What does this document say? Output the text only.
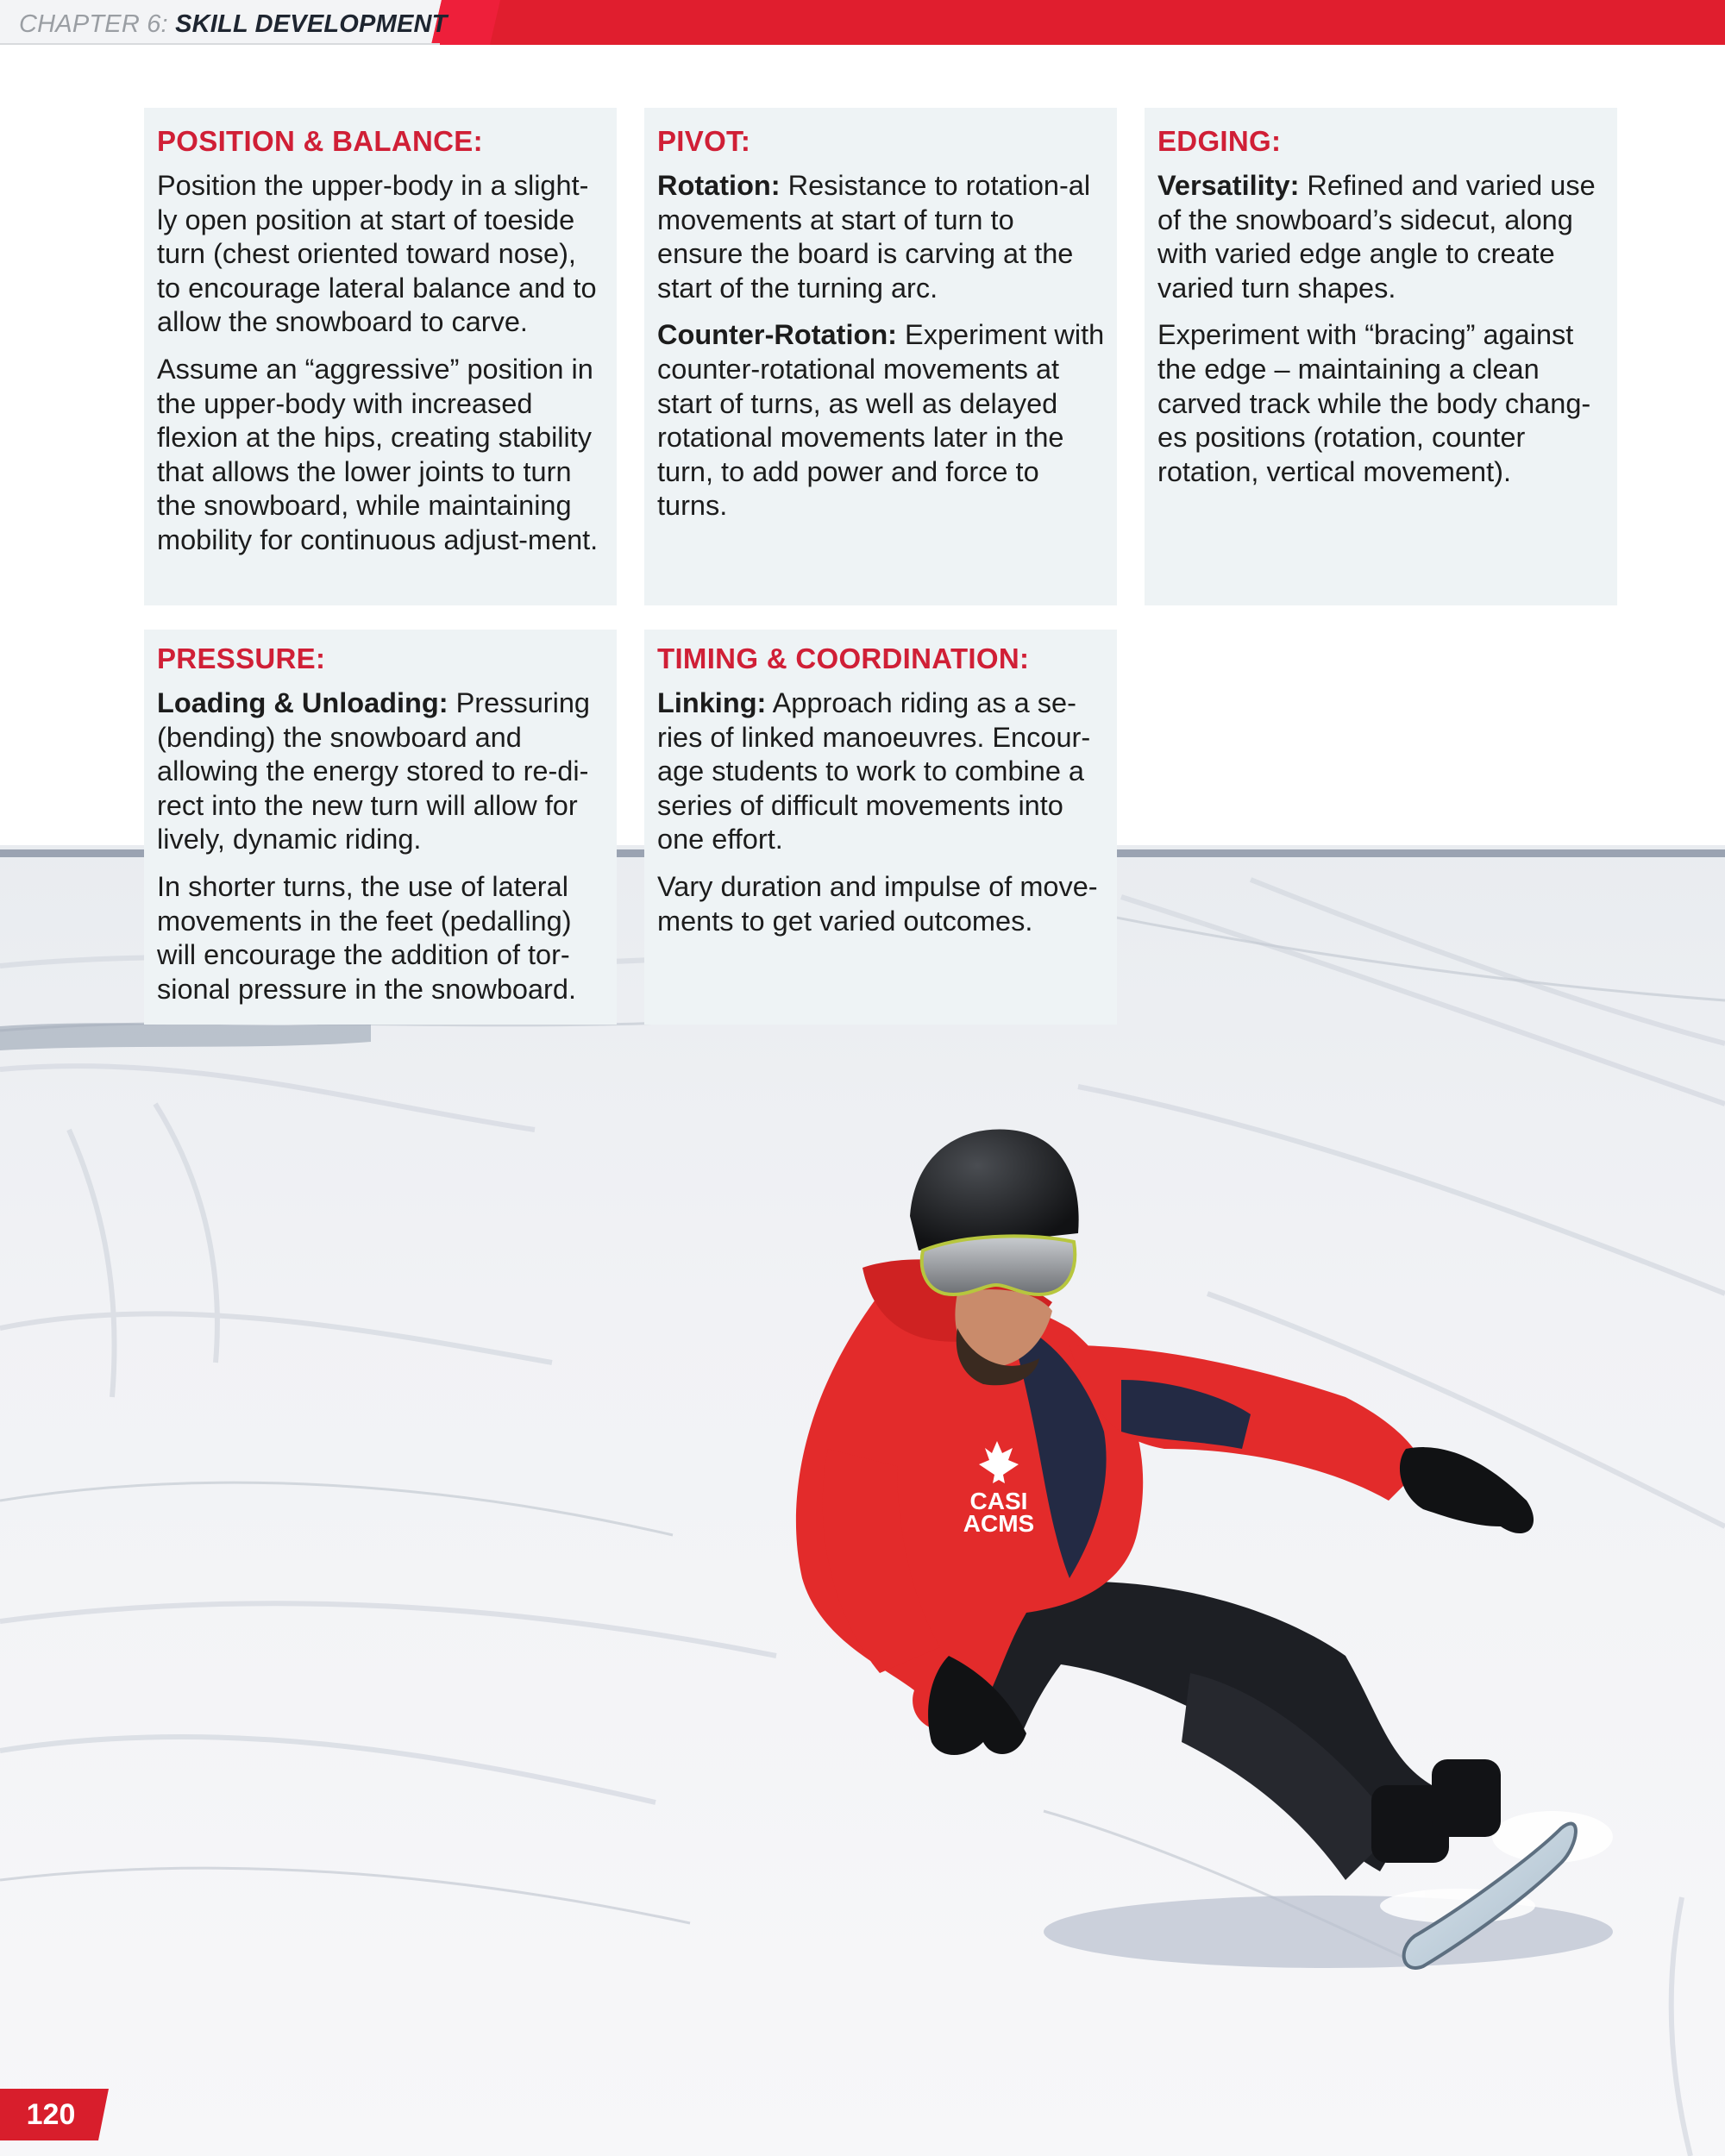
CHAPTER 6: SKILL DEVELOPMENT
CASI
ACMS
POSITION & BALANCE:

Position the upper-body in a slight-ly open position at start of toeside turn (chest oriented toward nose), to encourage lateral balance and to allow the snowboard to carve.

Assume an “aggressive” position in the upper-body with increased flexion at the hips, creating stability that allows the lower joints to turn the snowboard, while maintaining mobility for continuous adjust-ment.

PIVOT:

Rotation: Resistance to rotation-al movements at start of turn to ensure the board is carving at the start of the turning arc.

Counter-Rotation: Experiment with counter-rotational movements at start of turns, as well as delayed rotational movements later in the turn, to add power and force to turns.

EDGING:

Versatility: Refined and varied use of the snowboard’s sidecut, along with varied edge angle to create varied turn shapes.

Experiment with “bracing” against the edge – maintaining a clean carved track while the body chang-es positions (rotation, counter rotation, vertical movement).

PRESSURE:

Loading & Unloading: Pressuring (bending) the snowboard and allowing the energy stored to re-di-rect into the new turn will allow for lively, dynamic riding.

In shorter turns, the use of lateral movements in the feet (pedalling) will encourage the addition of tor-sional pressure in the snowboard.

TIMING & COORDINATION:

Linking: Approach riding as a se-ries of linked manoeuvres. Encour-age students to work to combine a series of difficult movements into one effort.

Vary duration and impulse of move-ments to get varied outcomes.

120
